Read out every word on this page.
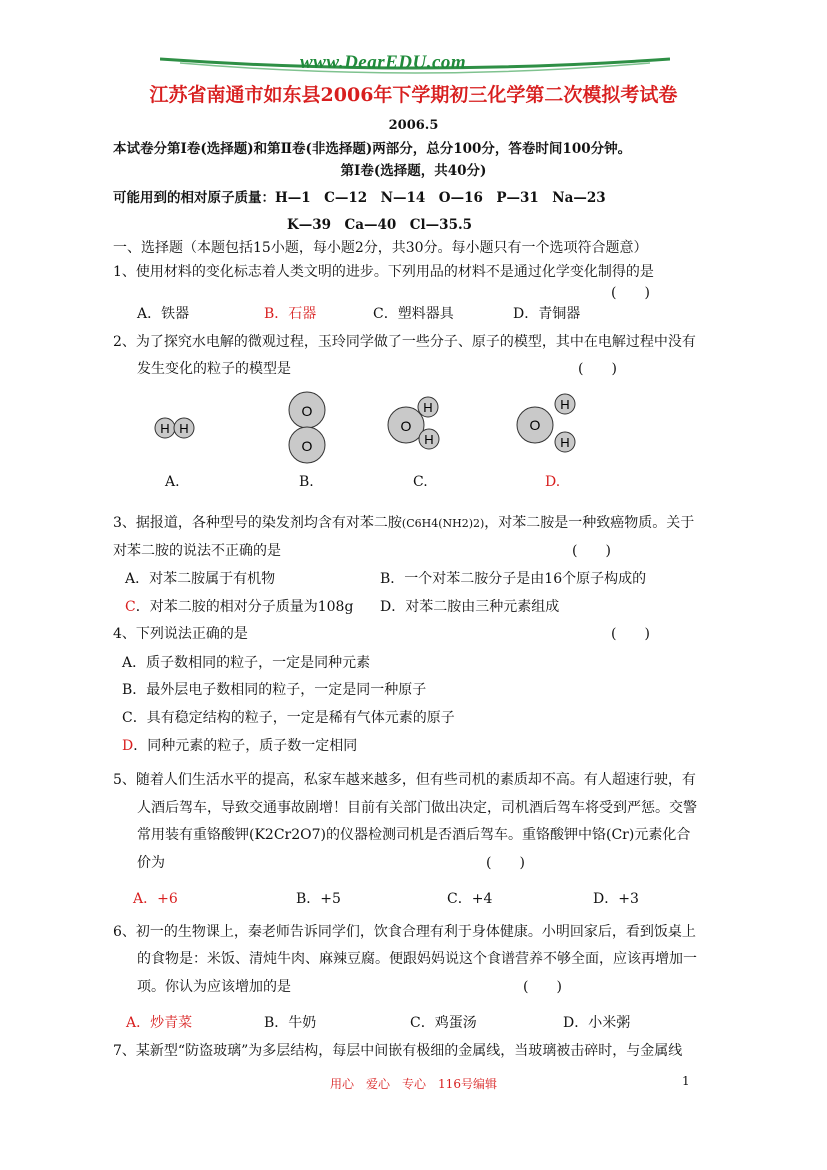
www.DearEDU.com
江苏省南通市如东县2006年下学期初三化学第二次模拟考试卷
2006.5
本试卷分第Ⅰ卷(选择题)和第Ⅱ卷(非选择题)两部分，总分100分，答卷时间100分钟。
第Ⅰ卷(选择题，共40分)
可能用到的相对原子质量：H—1　C—12　N—14　O—16　P—31　Na—23
K—39　Ca—40　Cl—35.5
一、选择题（本题包括15小题，每小题2分，共30分。每小题只有一个选项符合题意）
1、使用材料的变化标志着人类文明的进步。下列用品的材料不是通过化学变化制得的是
(　　)
A．铁器	B．石器	C．塑料器具	D．青铜器
2、为了探究水电解的微观过程，玉玲同学做了一些分子、原子的模型，其中在电解过程中没有
发生变化的粒子的模型是	(　　)
H H
O
O
O
H
H
O
H
H
A.	B.	C.	D.
3、据报道，各种型号的染发剂均含有对苯二胺(C6H4(NH2)2)，对苯二胺是一种致癌物质。关于
对苯二胺的说法不正确的是	(　　)
A．对苯二胺属于有机物	B．一个对苯二胺分子是由16个原子构成的
C．对苯二胺的相对分子质量为108g D．对苯二胺由三种元素组成
4、下列说法正确的是	(　　)
A．质子数相同的粒子，一定是同种元素
B．最外层电子数相同的粒子，一定是同一种原子
C．具有稳定结构的粒子，一定是稀有气体元素的原子
D．同种元素的粒子，质子数一定相同
5、随着人们生活水平的提高，私家车越来越多，但有些司机的素质却不高。有人超速行驶，有
人酒后驾车，导致交通事故剧增！目前有关部门做出决定，司机酒后驾车将受到严惩。交警
常用装有重铬酸钾(K2Cr2O7)的仪器检测司机是否酒后驾车。重铬酸钾中铬(Cr)元素化合
价为	(　　)
A．+6	B．+5	C．+4	D．+3
6、初一的生物课上，秦老师告诉同学们，饮食合理有利于身体健康。小明回家后，看到饭桌上
的食物是：米饭、清炖牛肉、麻辣豆腐。便跟妈妈说这个食谱营养不够全面，应该再增加一
项。你认为应该增加的是	(　　)
A．炒青菜	B．牛奶	C．鸡蛋汤	D．小米粥
7、某新型“防盗玻璃”为多层结构，每层中间嵌有极细的金属线，当玻璃被击碎时，与金属线
用心　爱心　专心　116号编辑	1
